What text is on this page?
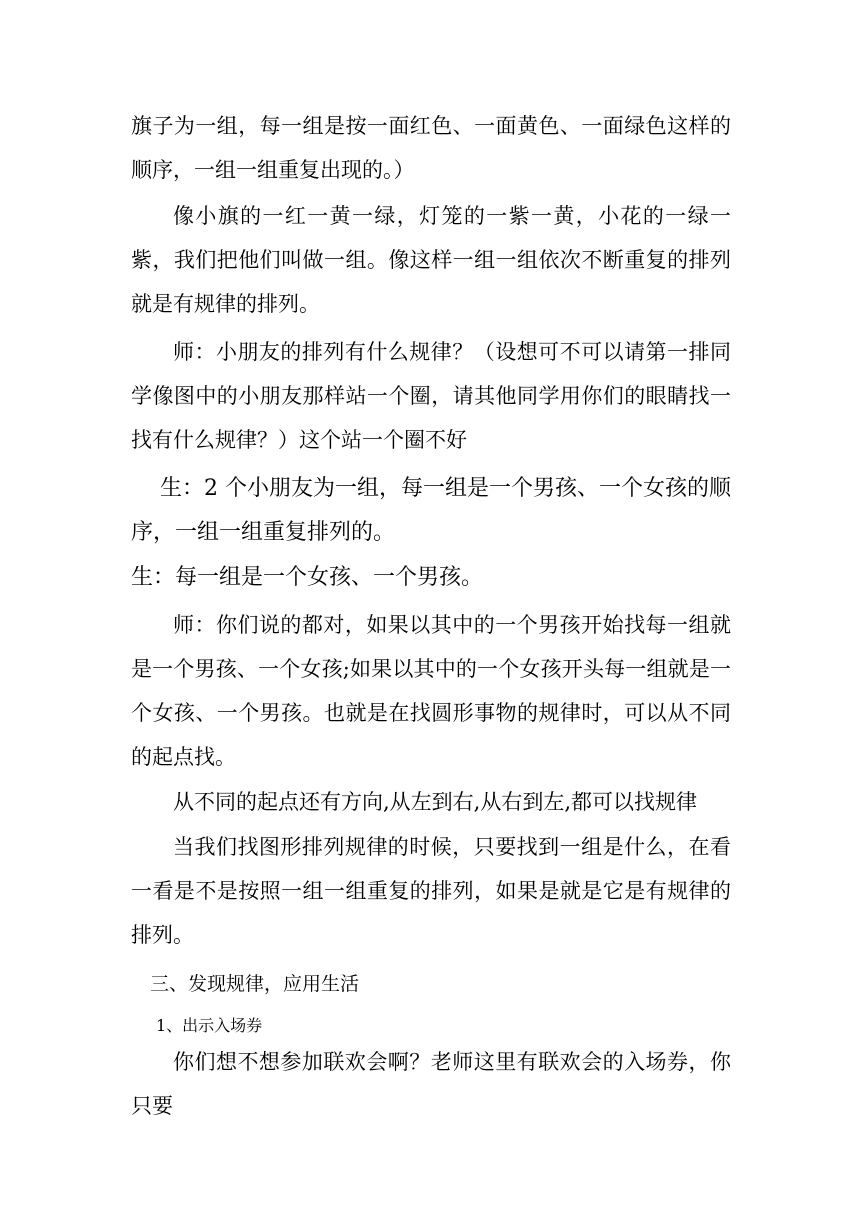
旗子为一组，每一组是按一面红色、一面黄色、一面绿色这样的顺序，一组一组重复出现的。）

像小旗的一红一黄一绿，灯笼的一紫一黄，小花的一绿一紫，我们把他们叫做一组。像这样一组一组依次不断重复的排列就是有规律的排列。

师：小朋友的排列有什么规律？（设想可不可以请第一排同学像图中的小朋友那样站一个圈，请其他同学用你们的眼睛找一找有什么规律？）这个站一个圈不好

生：2 个小朋友为一组，每一组是一个男孩、一个女孩的顺序，一组一组重复排列的。

生：每一组是一个女孩、一个男孩。

师：你们说的都对，如果以其中的一个男孩开始找每一组就是一个男孩、一个女孩;如果以其中的一个女孩开头每一组就是一个女孩、一个男孩。也就是在找圆形事物的规律时，可以从不同的起点找。

从不同的起点还有方向,从左到右,从右到左,都可以找规律

当我们找图形排列规律的时候，只要找到一组是什么，在看一看是不是按照一组一组重复的排列，如果是就是它是有规律的排列。

三、发现规律，应用生活

1、出示入场券

你们想不想参加联欢会啊？老师这里有联欢会的入场券，你只要
